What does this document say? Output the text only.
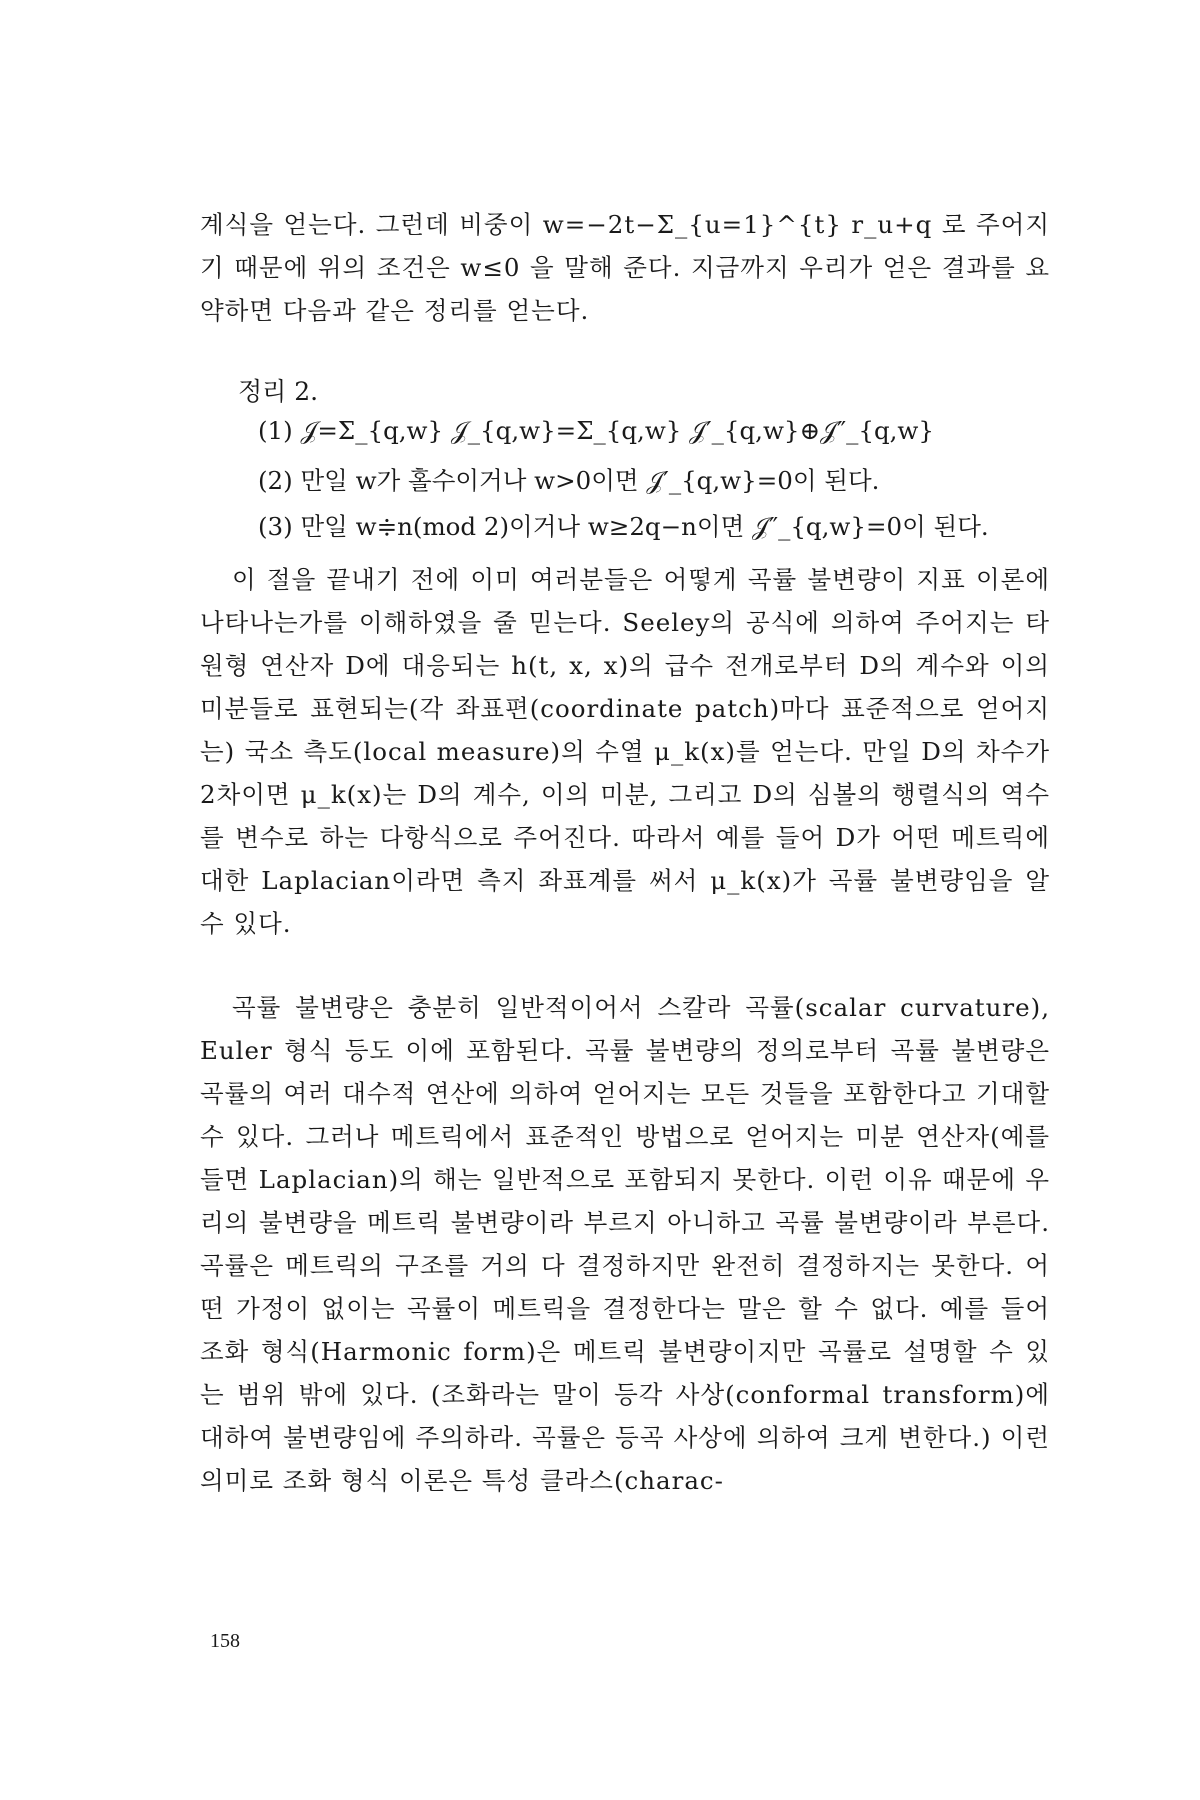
계식을 얻는다. 그런데 비중이 w=−2t−Σ_{u=1}^{t} r_u+q 로 주어지기 때문에 위의 조건은 w≤0 을 말해 준다. 지금까지 우리가 얻은 결과를 요약하면 다음과 같은 정리를 얻는다.

정리 2.

(1) 𝒥=Σ_{q,w} 𝒥_{q,w}=Σ_{q,w} 𝒥′_{q,w}⊕𝒥″_{q,w}

(2) 만일 w가 홀수이거나 w>0이면 𝒥′_{q,w}=0이 된다.

(3) 만일 w≑n(mod 2)이거나 w≥2q−n이면 𝒥″_{q,w}=0이 된다.

이 절을 끝내기 전에 이미 여러분들은 어떻게 곡률 불변량이 지표 이론에 나타나는가를 이해하였을 줄 믿는다. Seeley의 공식에 의하여 주어지는 타원형 연산자 D에 대응되는 h(t, x, x)의 급수 전개로부터 D의 계수와 이의 미분들로 표현되는(각 좌표편(coordinate patch)마다 표준적으로 얻어지는) 국소 측도(local measure)의 수열 μ_k(x)를 얻는다. 만일 D의 차수가 2차이면 μ_k(x)는 D의 계수, 이의 미분, 그리고 D의 심볼의 행렬식의 역수를 변수로 하는 다항식으로 주어진다. 따라서 예를 들어 D가 어떤 메트릭에 대한 Laplacian이라면 측지 좌표계를 써서 μ_k(x)가 곡률 불변량임을 알 수 있다.

곡률 불변량은 충분히 일반적이어서 스칼라 곡률(scalar curvature), Euler 형식 등도 이에 포함된다. 곡률 불변량의 정의로부터 곡률 불변량은 곡률의 여러 대수적 연산에 의하여 얻어지는 모든 것들을 포함한다고 기대할 수 있다. 그러나 메트릭에서 표준적인 방법으로 얻어지는 미분 연산자(예를 들면 Laplacian)의 해는 일반적으로 포함되지 못한다. 이런 이유 때문에 우리의 불변량을 메트릭 불변량이라 부르지 아니하고 곡률 불변량이라 부른다. 곡률은 메트릭의 구조를 거의 다 결정하지만 완전히 결정하지는 못한다. 어떤 가정이 없이는 곡률이 메트릭을 결정한다는 말은 할 수 없다. 예를 들어 조화 형식(Harmonic form)은 메트릭 불변량이지만 곡률로 설명할 수 있는 범위 밖에 있다. (조화라는 말이 등각 사상(conformal transform)에 대하여 불변량임에 주의하라. 곡률은 등곡 사상에 의하여 크게 변한다.) 이런 의미로 조화 형식 이론은 특성 클라스(charac-

158
